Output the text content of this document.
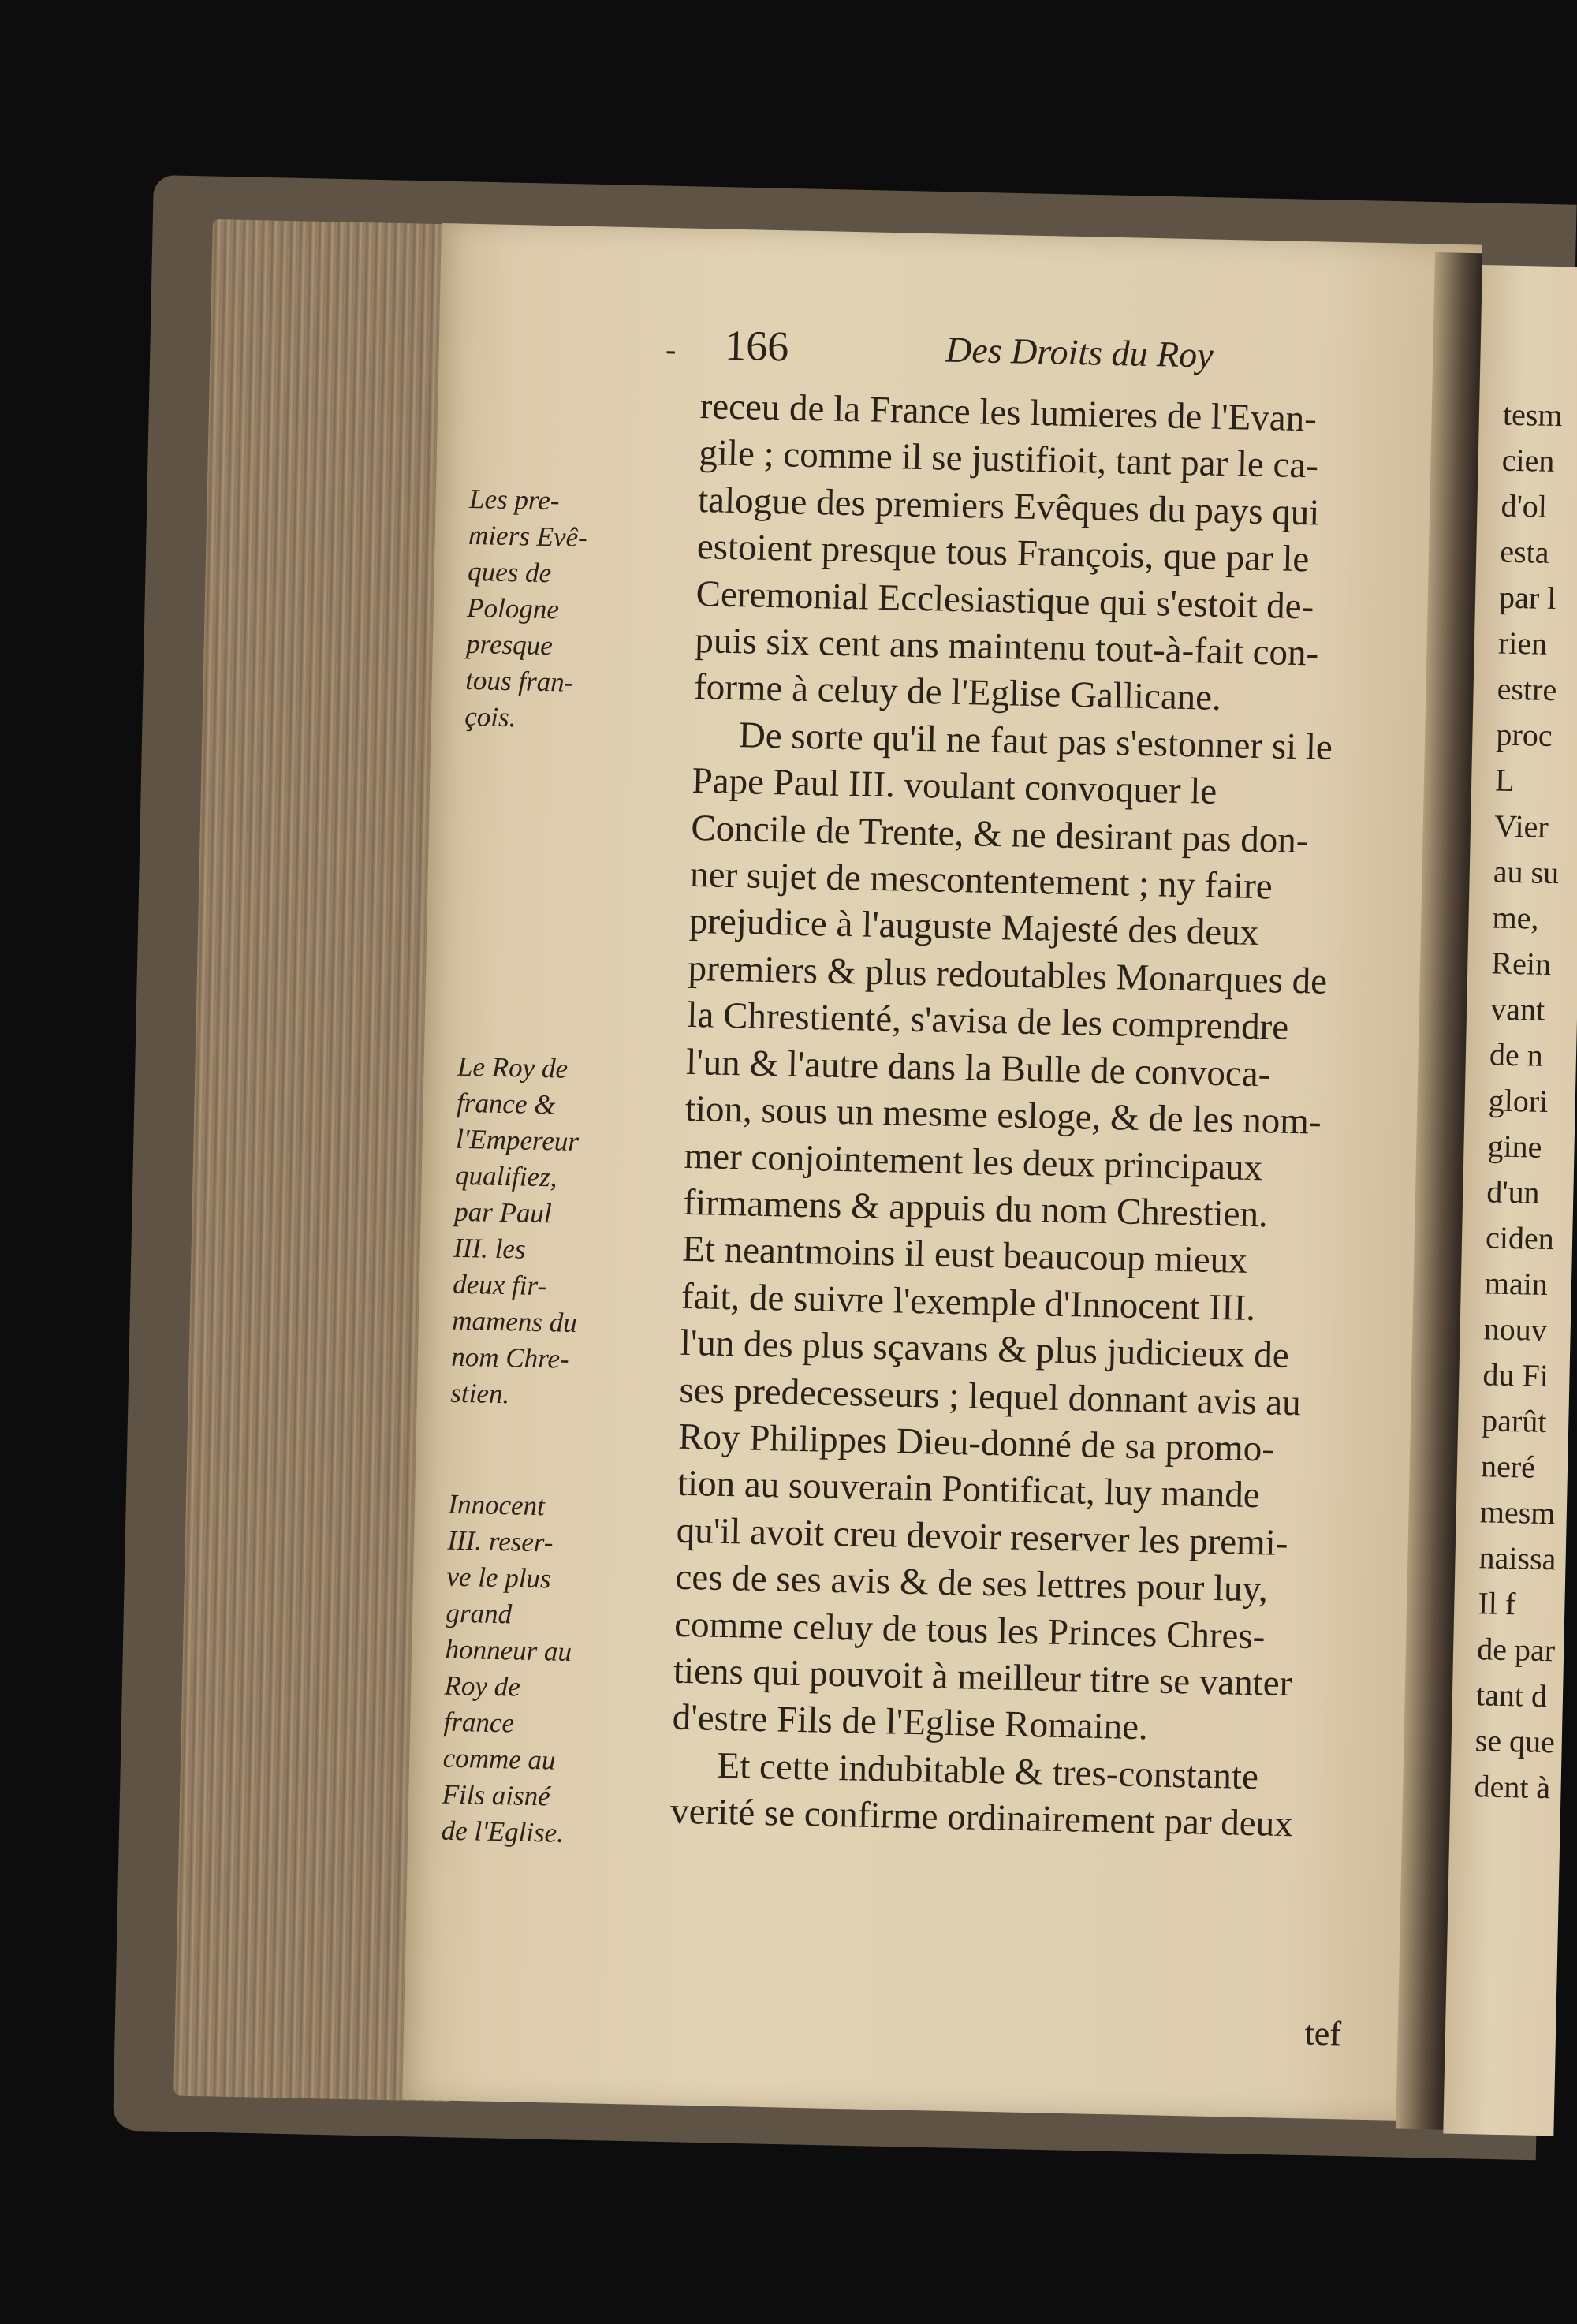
tesm
cien
d'ol
esta
par l
rien
estre
proc
L
Vier
au su
me,
Rein
vant
de n
glori
gine
d'un
ciden
main
nouv
du Fi
parût
neré
mesm
naissa
Il f
de par
tant d
se que
dent à
- 166	Des Droits du Roy
receu de la France les lumieres de l'Evan-
gile ; comme il se justifioit, tant par le ca-
talogue des premiers Evêques du pays qui
estoient presque tous François, que par le
Ceremonial Ecclesiastique qui s'estoit de-
puis six cent ans maintenu tout-à-fait con-
forme à celuy de l'Eglise Gallicane.
De sorte qu'il ne faut pas s'estonner si le
Pape Paul III. voulant convoquer le
Concile de Trente, & ne desirant pas don-
ner sujet de mescontentement ; ny faire
prejudice à l'auguste Majesté des deux
premiers & plus redoutables Monarques de
la Chrestienté, s'avisa de les comprendre
l'un & l'autre dans la Bulle de convoca-
tion, sous un mesme esloge, & de les nom-
mer conjointement les deux principaux
firmamens & appuis du nom Chrestien.
Et neantmoins il eust beaucoup mieux
fait, de suivre l'exemple d'Innocent III.
l'un des plus sçavans & plus judicieux de
ses predecesseurs ; lequel donnant avis au
Roy Philippes Dieu-donné de sa promo-
tion au souverain Pontificat, luy mande
qu'il avoit creu devoir reserver les premi-
ces de ses avis & de ses lettres pour luy,
comme celuy de tous les Princes Chres-
tiens qui pouvoit à meilleur titre se vanter
d'estre Fils de l'Eglise Romaine.
Et cette indubitable & tres-constante
verité se confirme ordinairement par deux
Les pre-
miers Evê-
ques de
Pologne
presque
tous fran-
çois.
Le Roy de
france &
l'Empereur
qualifiez,
par Paul
III. les
deux fir-
mamens du
nom Chre-
stien.
Innocent
III. reser-
ve le plus
grand
honneur au
Roy de
france
comme au
Fils aisné
de l'Eglise.
tef
